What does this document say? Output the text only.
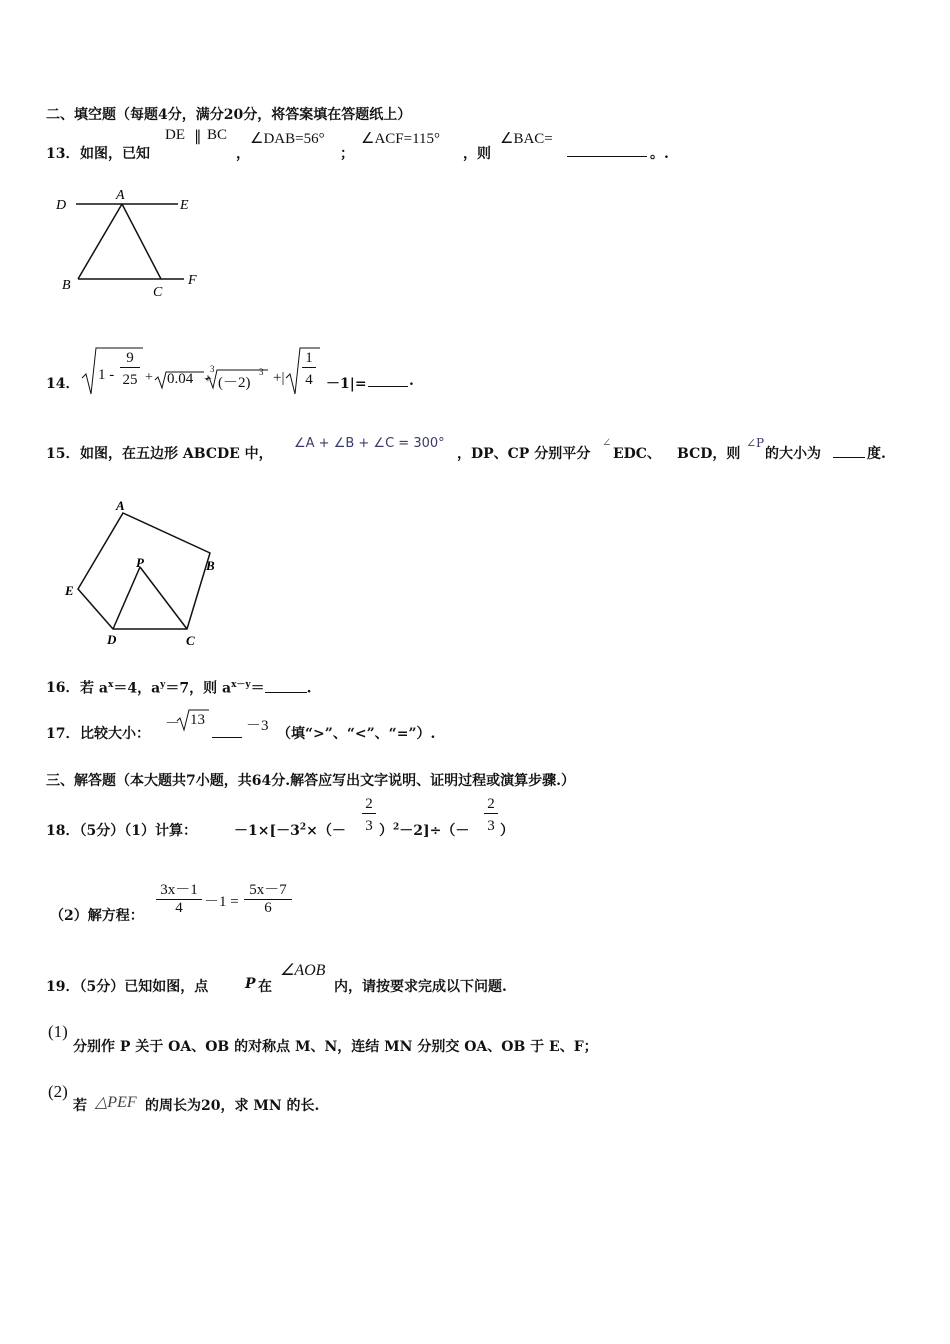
二、填空题（每题4分，满分20分，将答案填在答题纸上）
13． 如图，已知
DE ∥ BC
，
∠DAB=56°
；
∠ACF=115°
，则
∠BAC=
。.
D
A
E
B	C
F
14．
1 -
9
25 + 0.04 +
3
(－2)
3 +|
1
4 －1|=	.
15． 如图，在五边形 ABCDE 中，
∠A + ∠B + ∠C = 300°
，DP、CP 分别平分
∠
EDC、 BCD，则
∠P
的大小为	度.
A
B
C
D
E
P
16． 若 $a^x=4$，$a^y=7$，则 $a^{x-y}=$	.
17． 比较大小：
－ 13	－3 （填“>”、“<”、“=”）.
三、解答题（本大题共7小题，共64分.解答应写出文字说明、证明过程或演算步骤.）
18．（5分）（1）计算：	$-1\times[-3^2\times(-$
2
3 ）$^2$－2]÷（－
2
3 ）
（2）解方程：
3x－1
4	－1 =
5x－7
6
19．（5分）已知如图，点	P 在
∠AOB
内，请按要求完成以下问题.
(1)
分别作 P 关于 OA、OB 的对称点 M、N，连结 MN 分别交 OA、OB 于 E、F；
(2)
若 △PEF 的周长为20，求 MN 的长.
